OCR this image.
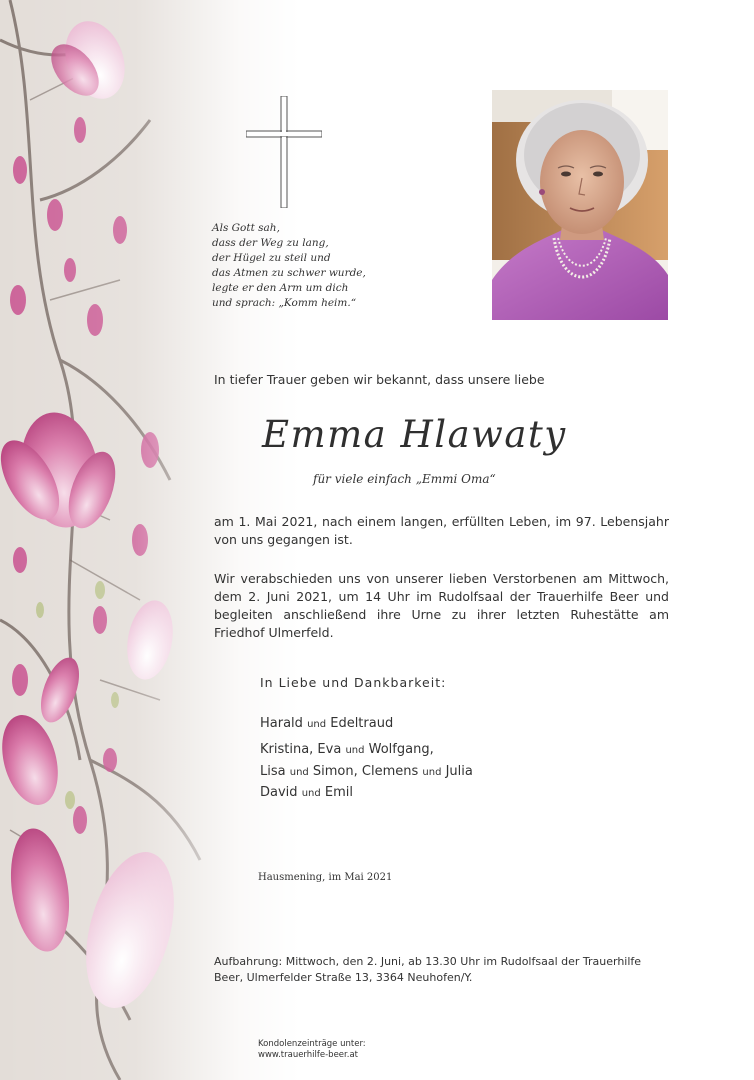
Als Gott sah,
dass der Weg zu lang,
der Hügel zu steil und
das Atmen zu schwer wurde,
legte er den Arm um dich
und sprach: „Komm heim.“
In tiefer Trauer geben wir bekannt, dass unsere liebe
Emma Hlawaty
für viele einfach „Emmi Oma“
am 1. Mai 2021, nach einem langen, erfüllten Leben, im 97. Lebensjahr von uns gegangen ist.
Wir verabschieden uns von unserer lieben Verstorbenen am Mittwoch, dem 2. Juni 2021, um 14 Uhr im Rudolfsaal der Trauerhilfe Beer und begleiten anschließend ihre Urne zu ihrer letzten Ruhestätte am Friedhof Ulmerfeld.
In Liebe und Dankbarkeit:
Harald und Edeltraud
Kristina, Eva und Wolfgang,
Lisa und Simon, Clemens und Julia
David und Emil
Hausmening, im Mai 2021
Aufbahrung: Mittwoch, den 2. Juni, ab 13.30 Uhr im Rudolfsaal der Trauerhilfe Beer, Ulmerfelder Straße 13, 3364 Neuhofen/Y.
Kondolenzeinträge unter:
www.trauerhilfe-beer.at
